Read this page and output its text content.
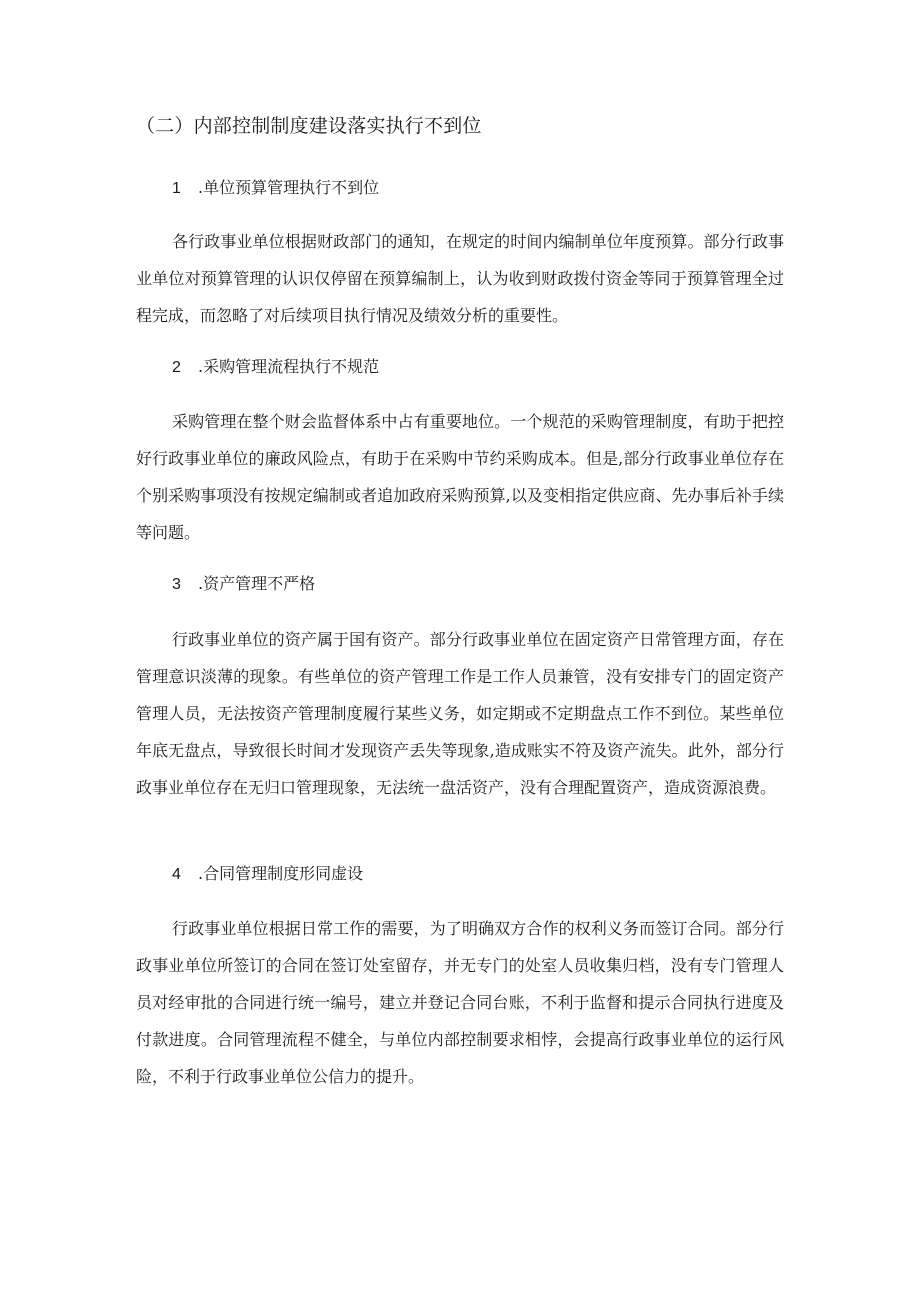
（二）内部控制制度建设落实执行不到位
1 .单位预算管理执行不到位

各行政事业单位根据财政部门的通知，在规定的时间内编制单位年度预算。部分行政事业单位对预算管理的认识仅停留在预算编制上，认为收到财政拨付资金等同于预算管理全过程完成，而忽略了对后续项目执行情况及绩效分析的重要性。

2 .采购管理流程执行不规范

采购管理在整个财会监督体系中占有重要地位。一个规范的采购管理制度，有助于把控好行政事业单位的廉政风险点，有助于在采购中节约采购成本。但是,部分行政事业单位存在个别采购事项没有按规定编制或者追加政府采购预算,以及变相指定供应商、先办事后补手续等问题。

3 .资产管理不严格

行政事业单位的资产属于国有资产。部分行政事业单位在固定资产日常管理方面，存在管理意识淡薄的现象。有些单位的资产管理工作是工作人员兼管，没有安排专门的固定资产管理人员，无法按资产管理制度履行某些义务，如定期或不定期盘点工作不到位。某些单位年底无盘点，导致很长时间才发现资产丢失等现象,造成账实不符及资产流失。此外，部分行政事业单位存在无归口管理现象，无法统一盘活资产，没有合理配置资产，造成资源浪费。

4 .合同管理制度形同虚设

行政事业单位根据日常工作的需要，为了明确双方合作的权利义务而签订合同。部分行政事业单位所签订的合同在签订处室留存，并无专门的处室人员收集归档，没有专门管理人员对经审批的合同进行统一编号，建立并登记合同台账，不利于监督和提示合同执行进度及付款进度。合同管理流程不健全，与单位内部控制要求相悖，会提高行政事业单位的运行风险，不利于行政事业单位公信力的提升。
